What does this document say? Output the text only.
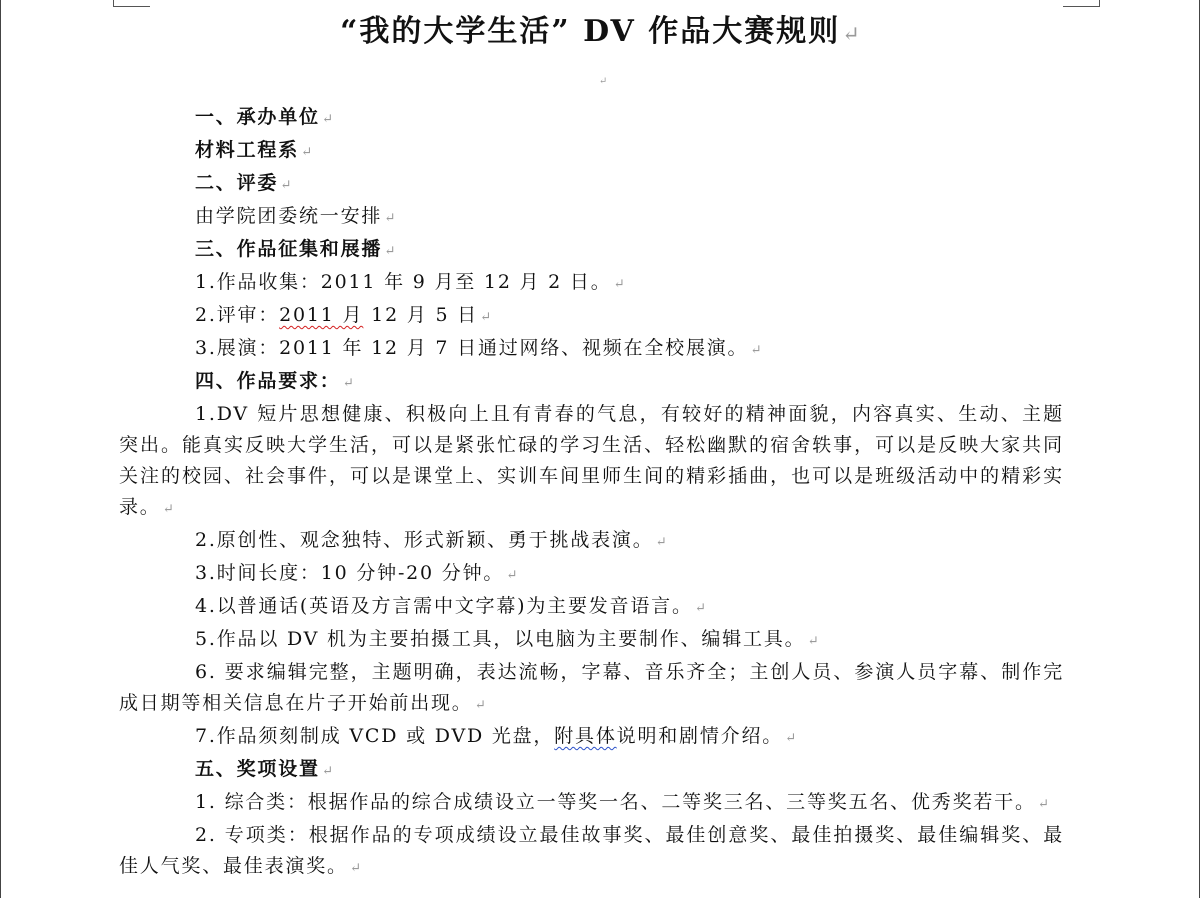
“我的大学生活” DV 作品大赛规则↵
↵

一、承办单位 ↵

材料工程系 ↵

二、评委 ↵

由学院团委统一安排 ↵

三、作品征集和展播 ↵

1.作品收集：2011 年 9 月至 12 月 2 日。 ↵

2.评审：2011 月 12 月 5 日 ↵

3.展演：2011 年 12 月 7 日通过网络、视频在全校展演。 ↵

四、作品要求： ↵

1.DV 短片思想健康、积极向上且有青春的气息，有较好的精神面貌，内容真实、生动、主题突出。能真实反映大学生活，可以是紧张忙碌的学习生活、轻松幽默的宿舍轶事，可以是反映大家共同关注的校园、社会事件，可以是课堂上、实训车间里师生间的精彩插曲，也可以是班级活动中的精彩实录。 ↵

2.原创性、观念独特、形式新颖、勇于挑战表演。 ↵

3.时间长度：10 分钟-20 分钟。 ↵

4.以普通话(英语及方言需中文字幕)为主要发音语言。 ↵

5.作品以 DV 机为主要拍摄工具，以电脑为主要制作、编辑工具。 ↵

6. 要求编辑完整，主题明确，表达流畅，字幕、音乐齐全；主创人员、参演人员字幕、制作完成日期等相关信息在片子开始前出现。 ↵

7.作品须刻制成 VCD 或 DVD 光盘，附具体说明和剧情介绍。 ↵

五、奖项设置 ↵

1. 综合类：根据作品的综合成绩设立一等奖一名、二等奖三名、三等奖五名、优秀奖若干。 ↵

2. 专项类：根据作品的专项成绩设立最佳故事奖、最佳创意奖、最佳拍摄奖、最佳编辑奖、最佳人气奖、最佳表演奖。 ↵
